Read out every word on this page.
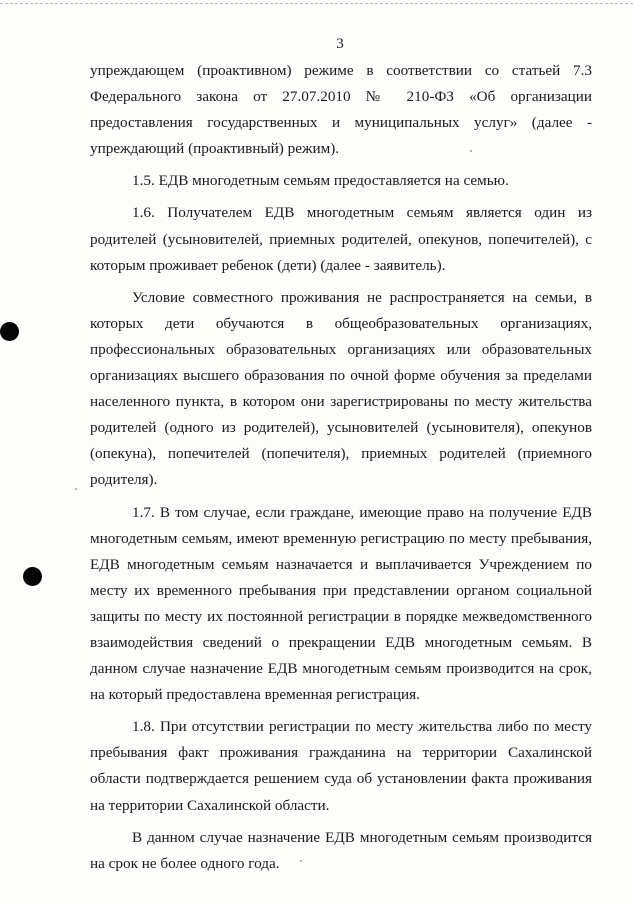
3

упреждающем (проактивном) режиме в соответствии со статьей 7.3 Федерального закона от 27.07.2010 № 210-ФЗ «Об организации предоставления государственных и муниципальных услуг» (далее - упреждающий (проактивный) режим).

1.5. ЕДВ многодетным семьям предоставляется на семью.

1.6. Получателем ЕДВ многодетным семьям является один из родителей (усыновителей, приемных родителей, опекунов, попечителей), с которым проживает ребенок (дети) (далее - заявитель).

Условие совместного проживания не распространяется на семьи, в которых дети обучаются в общеобразовательных организациях, профессиональных образовательных организациях или образовательных организациях высшего образования по очной форме обучения за пределами населенного пункта, в котором они зарегистрированы по месту жительства родителей (одного из родителей), усыновителей (усыновителя), опекунов (опекуна), попечителей (попечителя), приемных родителей (приемного родителя).

1.7. В том случае, если граждане, имеющие право на получение ЕДВ многодетным семьям, имеют временную регистрацию по месту пребывания, ЕДВ многодетным семьям назначается и выплачивается Учреждением по месту их временного пребывания при представлении органом социальной защиты по месту их постоянной регистрации в порядке межведомственного взаимодействия сведений о прекращении ЕДВ многодетным семьям. В данном случае назначение ЕДВ многодетным семьям производится на срок, на который предоставлена временная регистрация.

1.8. При отсутствии регистрации по месту жительства либо по месту пребывания факт проживания гражданина на территории Сахалинской области подтверждается решением суда об установлении факта проживания на территории Сахалинской области.

В данном случае назначение ЕДВ многодетным семьям производится на срок не более одного года.
